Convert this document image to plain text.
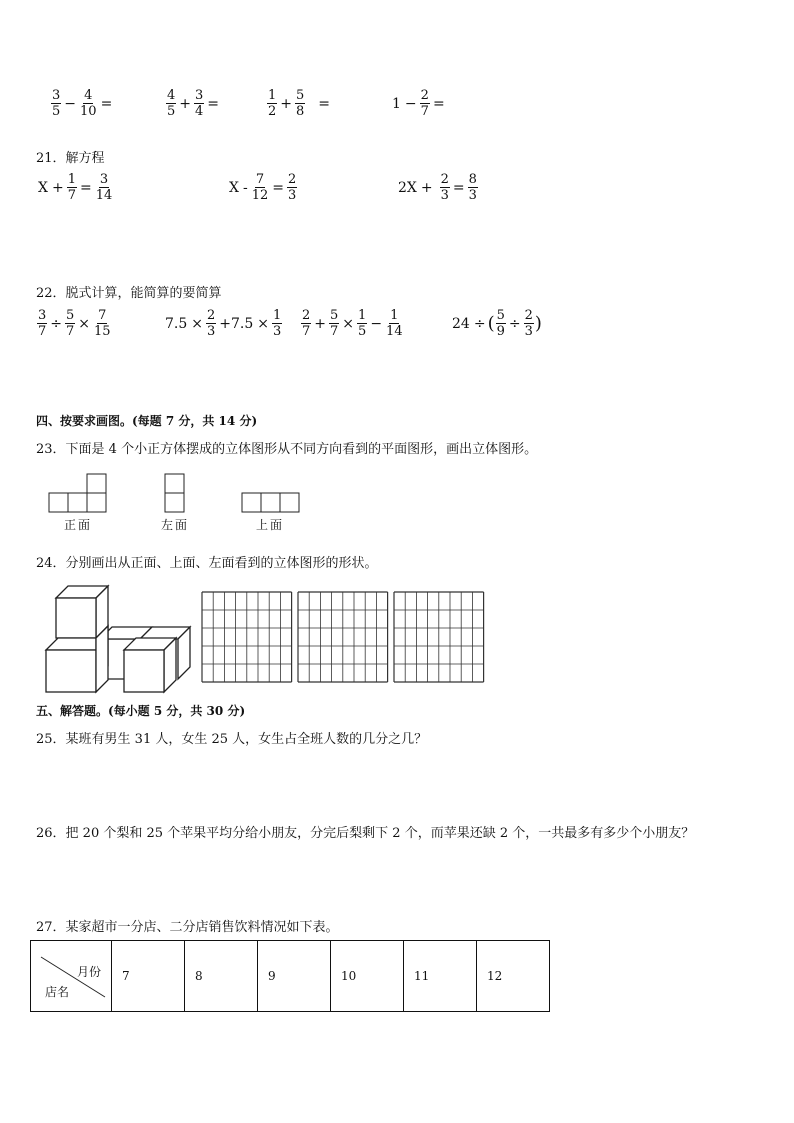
3
$5 - \frac{4}{10}$ =	4
$5 + \frac{3}{4}$ =	1
$2 + \frac{5}{8}$ =	$1 - \frac{2}{7}$ =
21．解方程
$X + \frac{1}{7} = \frac{3}{14}$	$X - \frac{7}{12} = \frac{2}{3}$	$2X + \frac{2}{3} = \frac{8}{3}$
22．脱式计算，能简算的要简算
$\frac{3}{7} \div \frac{5}{7} \times \frac{7}{15}$	$7.5 \times \frac{2}{3} +7.5 \times \frac{1}{3} 2$
$7 + \frac{5}{7} \times \frac{1}{5} - \frac{1}{14}$	24 ÷ ( $\frac{5}{9} \div \frac{2}{3}$ )
四、按要求画图。(每题 7 分，共 14 分)
23．下面是 4 个小正方体摆成的立体图形从不同方向看到的平面图形，画出立体图形。
正面	左面	上面
24．分别画出从正面、上面、左面看到的立体图形的形状。
五、解答题。(每小题 5 分，共 30 分)
25．某班有男生 31 人，女生 25 人，女生占全班人数的几分之几？
26．把 20 个梨和 25 个苹果平均分给小朋友，分完后梨剩下 2 个，而苹果还缺 2 个，一共最多有多少个小朋友？
27．某家超市一分店、二分店销售饮料情况如下表。
月份
店名
	7	8	9	10	11	12
